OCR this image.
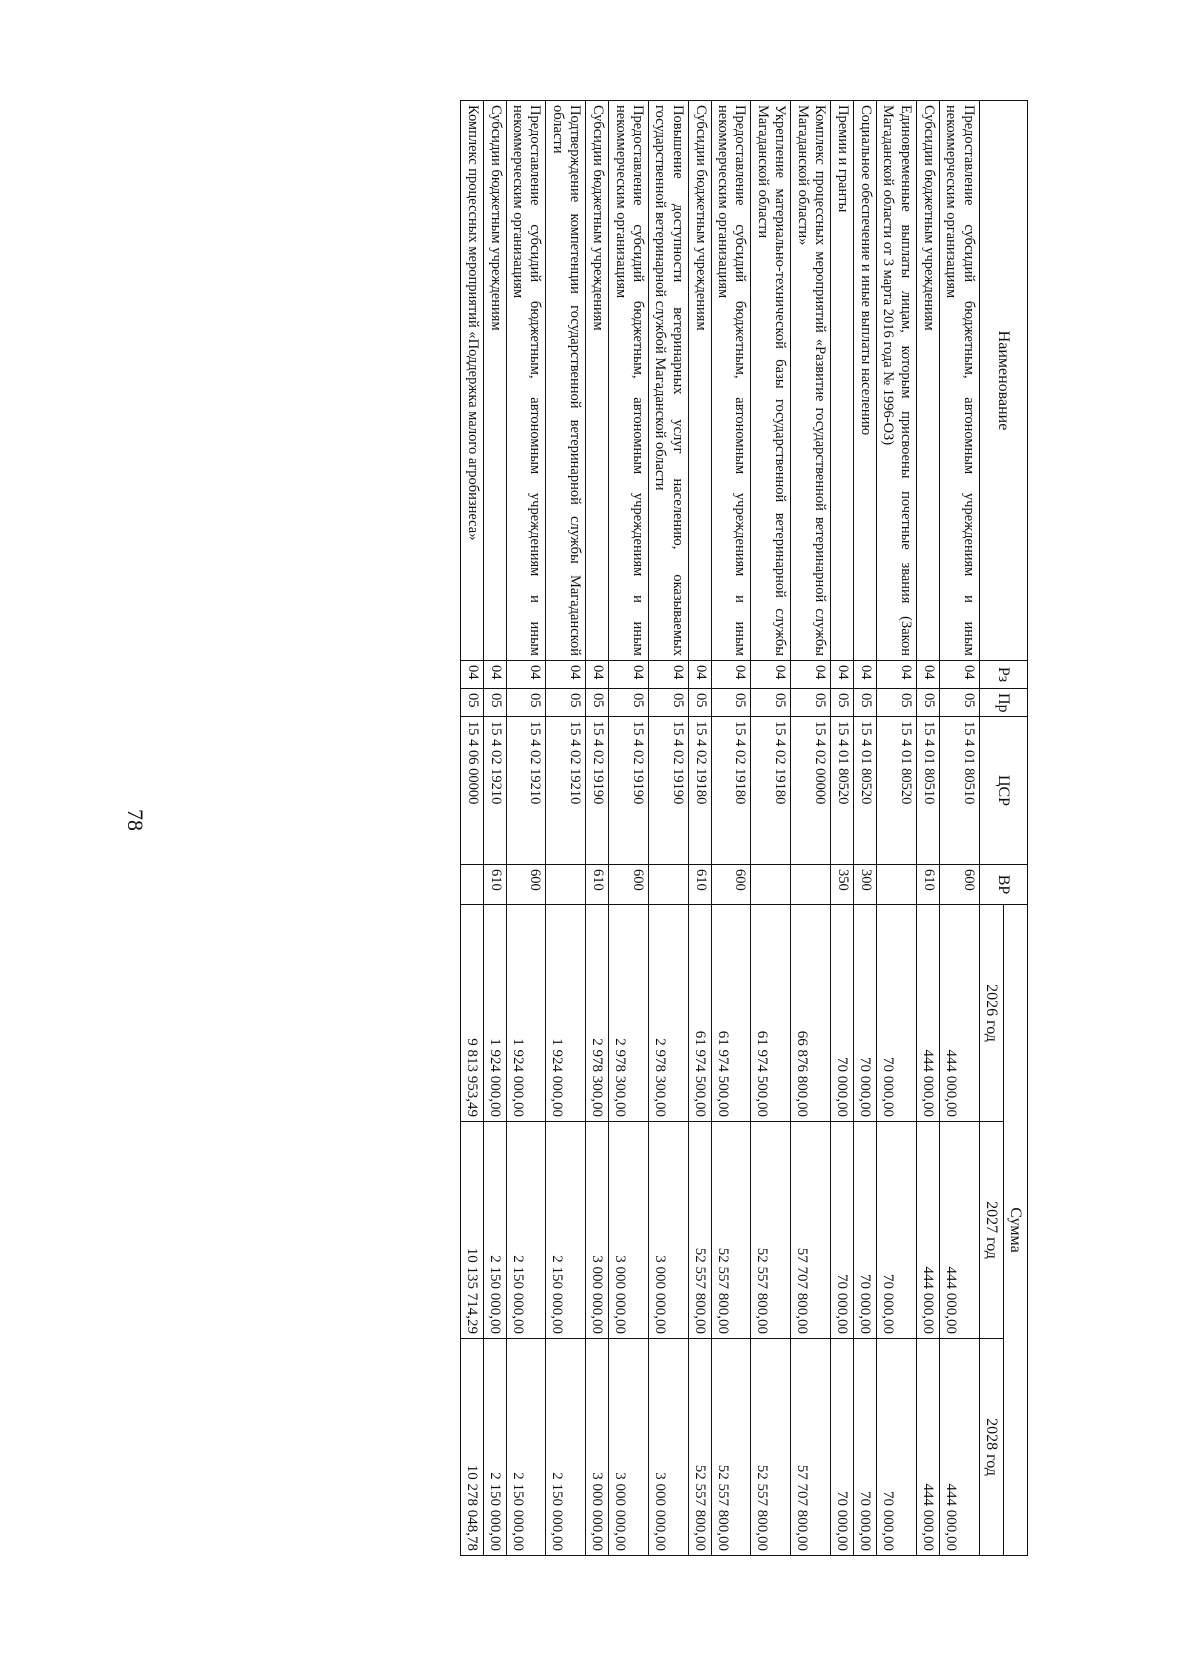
78
Наименование	Рз	Пр	ЦСР	ВР	Сумма		
					2026 год	2027 год	2028 год
Предоставление субсидий бюджетным, автономным учреждениям и иным некоммерческим организациям	04	05	15 4 01 80510	600	444 000,00	444 000,00	444 000,00
Субсидии бюджетным учреждениям	04	05	15 4 01 80510	610	444 000,00	444 000,00	444 000,00
Единовременные выплаты лицам, которым присвоены почетные звания (Закон Магаданской области от 3 марта 2016 года № 1996-ОЗ)	04	05	15 4 01 80520		70 000,00	70 000,00	70 000,00
Социальное обеспечение и иные выплаты населению	04	05	15 4 01 80520	300	70 000,00	70 000,00	70 000,00
Премии и гранты	04	05	15 4 01 80520	350	70 000,00	70 000,00	70 000,00
Комплекс процессных мероприятий «Развитие государственной ветеринарной службы Магаданской области»	04	05	15 4 02 00000		66 876 800,00	57 707 800,00	57 707 800,00
Укрепление материально-технической базы государственной ветеринарной службы Магаданской области	04	05	15 4 02 19180		61 974 500,00	52 557 800,00	52 557 800,00
Предоставление субсидий бюджетным, автономным учреждениям и иным некоммерческим организациям	04	05	15 4 02 19180	600	61 974 500,00	52 557 800,00	52 557 800,00
Субсидии бюджетным учреждениям	04	05	15 4 02 19180	610	61 974 500,00	52 557 800,00	52 557 800,00
Повышение доступности ветеринарных услуг населению, оказываемых государственной ветеринарной службой Магаданской области	04	05	15 4 02 19190		2 978 300,00	3 000 000,00	3 000 000,00
Предоставление субсидий бюджетным, автономным учреждениям и иным некоммерческим организациям	04	05	15 4 02 19190	600	2 978 300,00	3 000 000,00	3 000 000,00
Субсидии бюджетным учреждениям	04	05	15 4 02 19190	610	2 978 300,00	3 000 000,00	3 000 000,00
Подтверждение компетенции государственной ветеринарной службы Магаданской области	04	05	15 4 02 19210		1 924 000,00	2 150 000,00	2 150 000,00
Предоставление субсидий бюджетным, автономным учреждениям и иным некоммерческим организациям	04	05	15 4 02 19210	600	1 924 000,00	2 150 000,00	2 150 000,00
Субсидии бюджетным учреждениям	04	05	15 4 02 19210	610	1 924 000,00	2 150 000,00	2 150 000,00
Комплекс процессных мероприятий «Поддержка малого агробизнеса»	04	05	15 4 06 00000		9 813 953,49	10 135 714,29	10 278 048,78
